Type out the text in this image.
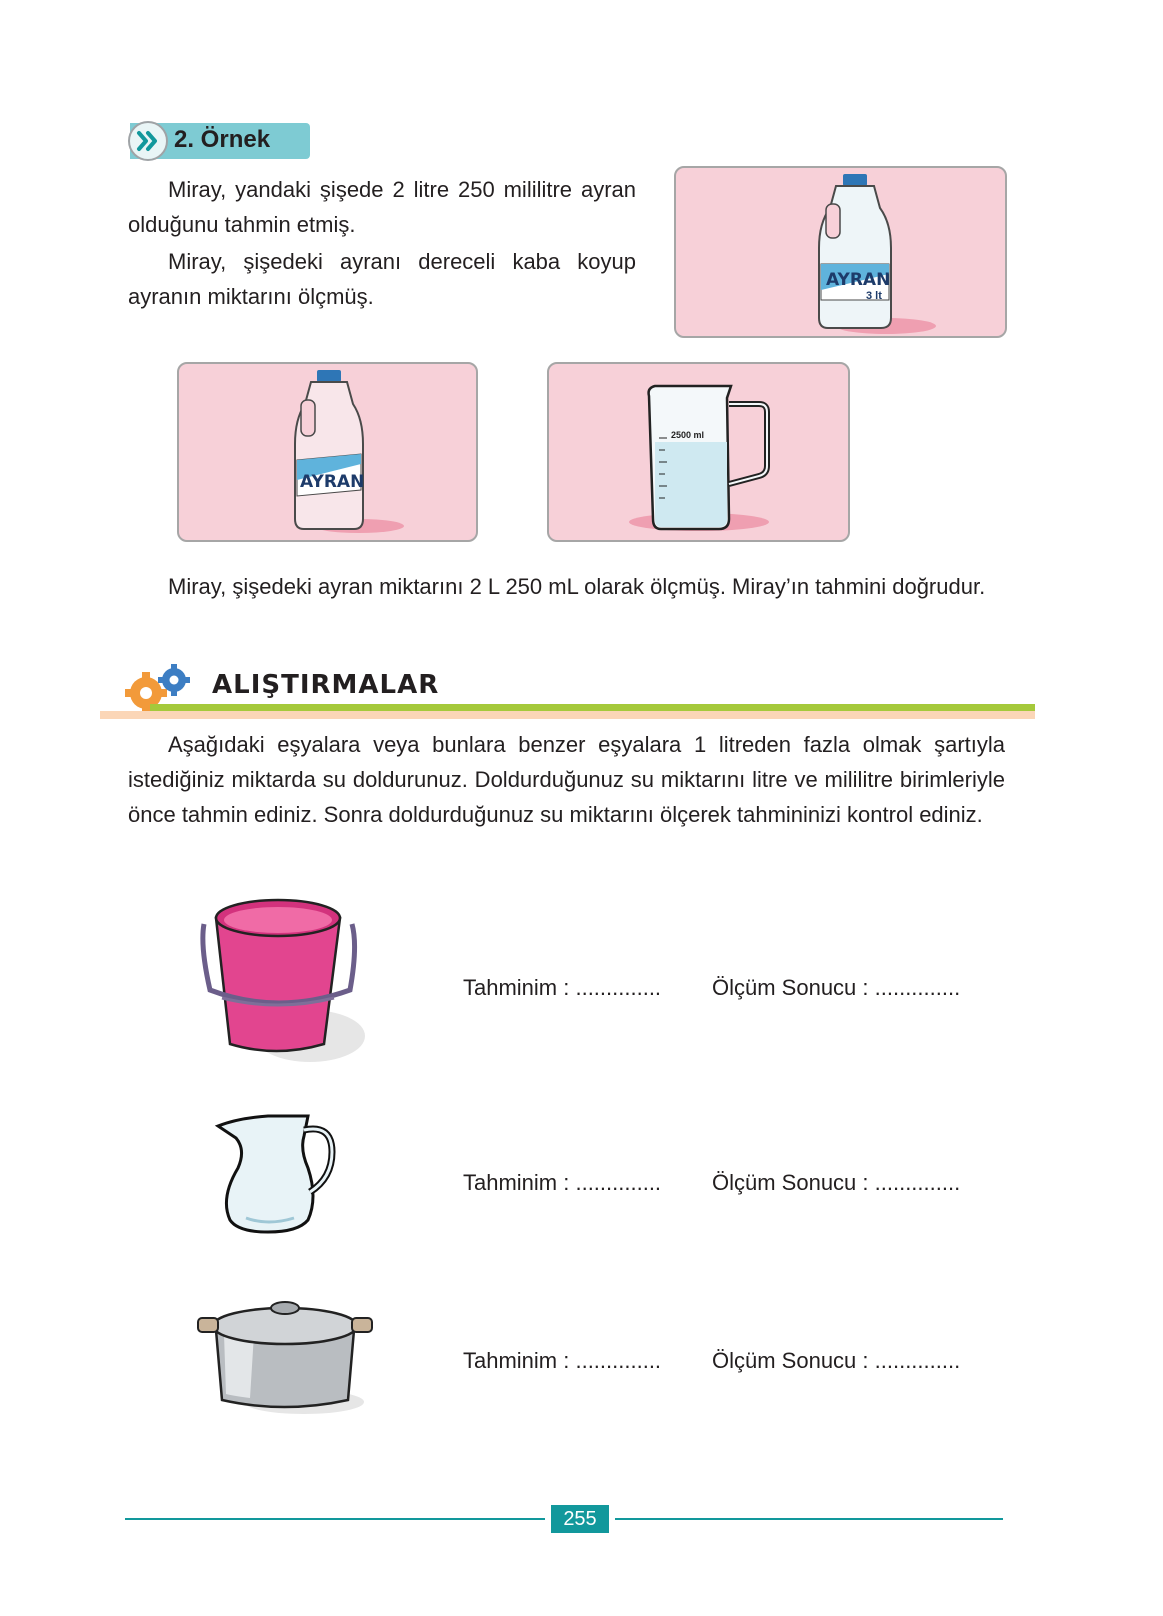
2. Örnek
Miray, yandaki şişede 2 litre 250 mililitre ayran olduğunu tahmin etmiş.
Miray, şişedeki ayranı dereceli kaba koyup ayranın miktarını ölçmüş.
AYRAN
3 lt
AYRAN
2500 ml
Miray, şişedeki ayran miktarını 2 L 250 mL olarak ölçmüş. Miray’ın tahmini doğrudur.
ALIŞTIRMALAR
Aşağıdaki eşyalara veya bunlara benzer eşyalara 1 litreden fazla olmak şartıyla istediğiniz miktarda su doldurunuz. Doldurduğunuz su miktarını litre ve mililitre birimleriyle önce tahmin ediniz. Sonra doldurduğunuz su miktarını ölçerek tahmininizi kontrol ediniz.
Tahminim : .............. Ölçüm Sonucu : ..............
Tahminim : .............. Ölçüm Sonucu : ..............
Tahminim : .............. Ölçüm Sonucu : ..............
255
